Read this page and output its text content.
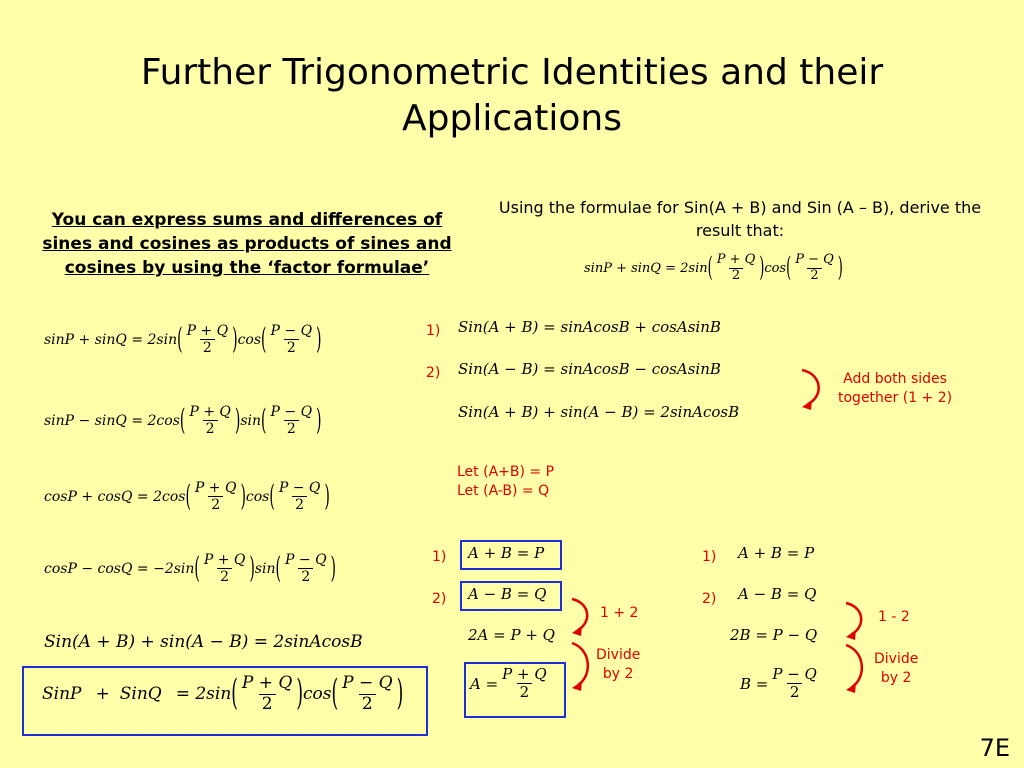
Further Trigonometric Identities and their
Applications
You can express sums and differences of sines and cosines as products of sines and cosines by using the ‘factor formulae’
sinP + sinQ = 2sin ( P + Q
2 ) cos ( P − Q
2 )
sinP − sinQ = 2cos ( P + Q
2 ) sin ( P − Q
2 )
cosP + cosQ = 2cos ( P + Q
2 ) cos ( P − Q
2 )
cosP − cosQ = −2sin ( P + Q
2 ) sin ( P − Q
2 )
Sin(A + B) + sin(A − B) = 2sinAcosB
SinP + SinQ = 2sin ( P + Q
2 ) cos ( P − Q
2 )
Using the formulae for Sin(A + B) and Sin (A – B), derive the result that:
sinP + sinQ = 2sin ( P + Q
2 ) cos ( P − Q
2 )
1) Sin(A + B) = sinAcosB + cosAsinB
2) Sin(A − B) = sinAcosB − cosAsinB
Sin(A + B) + sin(A − B) = 2sinAcosB
Add both sides
together (1 + 2)
Let (A+B) = P
Let (A-B) = Q
1) A + B = P
2) A − B = Q
2A = P + Q
$A = \frac{P + Q}{2}$
1 + 2
Divide
by 2
1) A + B = P
2) A − B = Q
2B = P − Q
$B = \frac{P - Q}{2}$
1 - 2
Divide
by 2
7E
